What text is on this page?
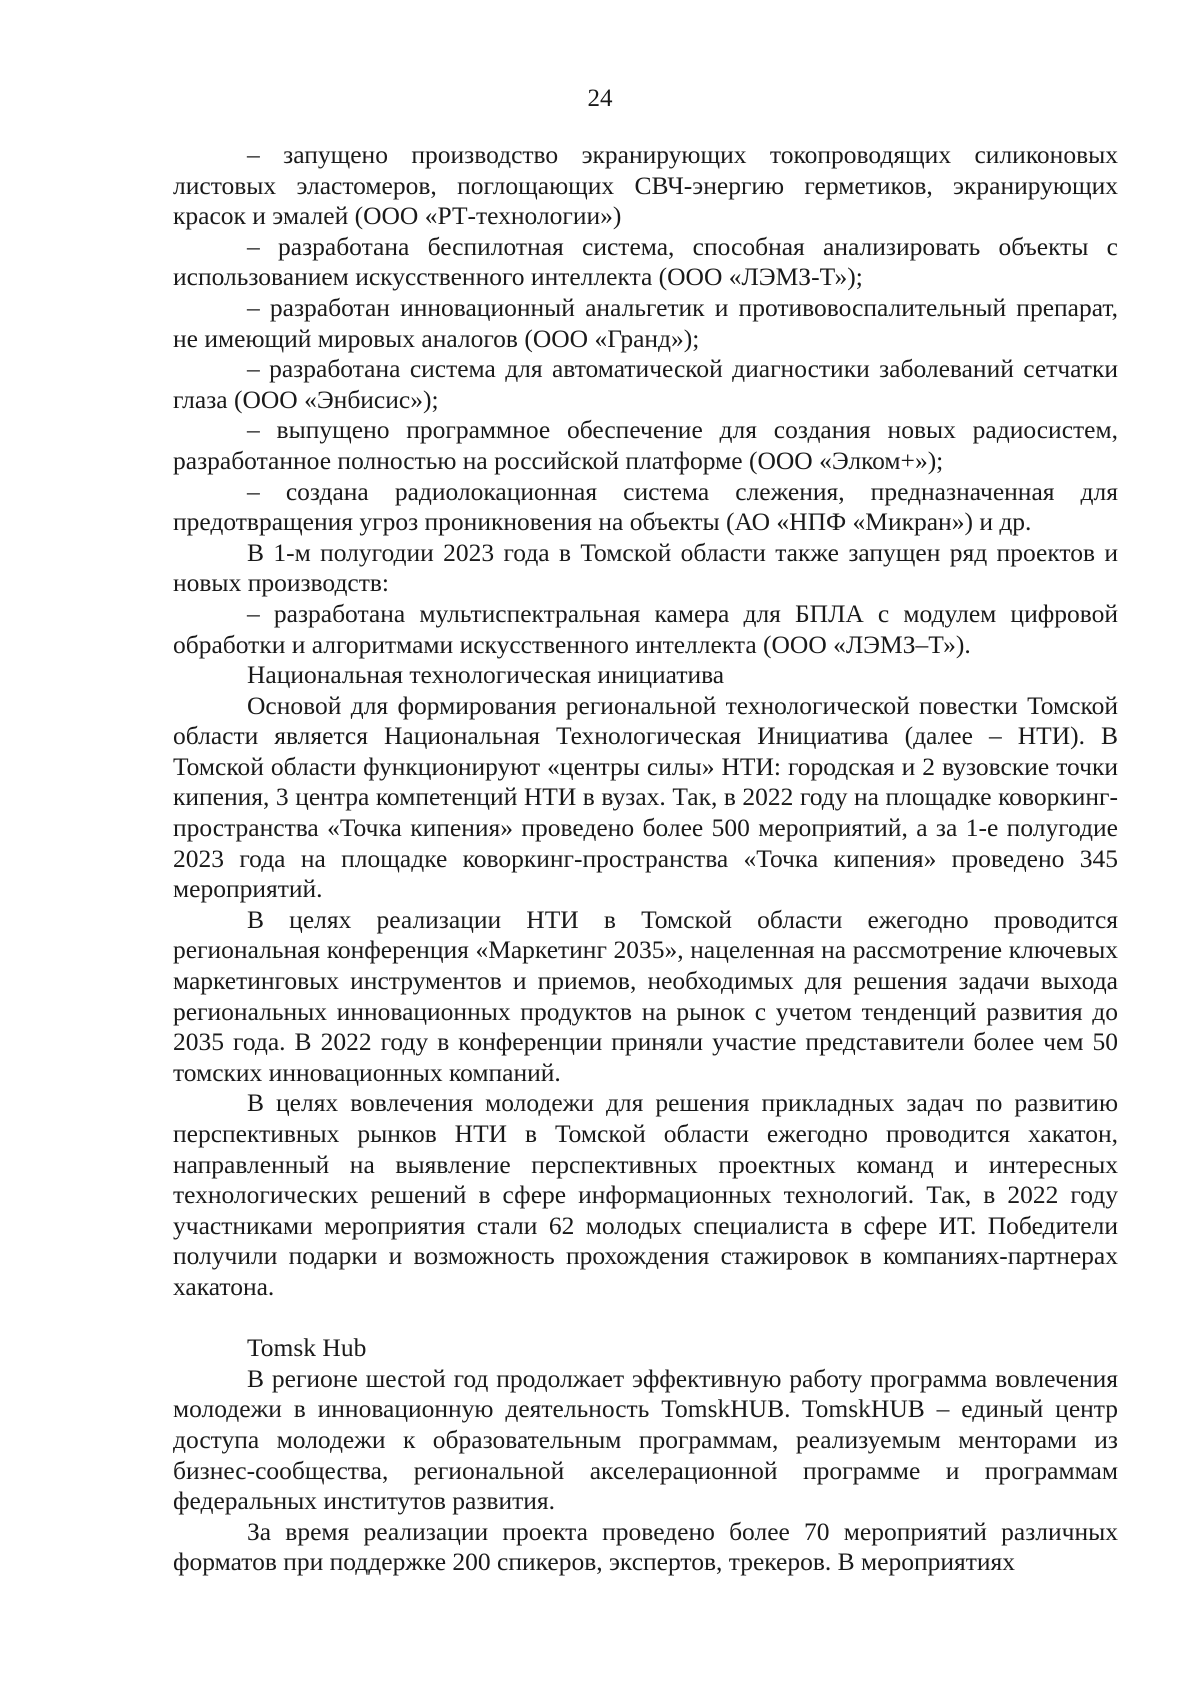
24

– запущено производство экранирующих токопроводящих силиконовых листовых эластомеров, поглощающих СВЧ-энергию герметиков, экранирующих красок и эмалей (ООО «РТ-технологии»)

– разработана беспилотная система, способная анализировать объекты с использованием искусственного интеллекта (ООО «ЛЭМЗ-Т»);

– разработан инновационный анальгетик и противовоспалительный препарат, не имеющий мировых аналогов (ООО «Гранд»);

– разработана система для автоматической диагностики заболеваний сетчатки глаза (ООО «Энбисис»);

– выпущено программное обеспечение для создания новых радиосистем, разработанное полностью на российской платформе (ООО «Элком+»);

– создана радиолокационная система слежения, предназначенная для предотвращения угроз проникновения на объекты (АО «НПФ «Микран») и др.

В 1-м полугодии 2023 года в Томской области также запущен ряд проектов и новых производств:

– разработана мультиспектральная камера для БПЛА с модулем цифровой обработки и алгоритмами искусственного интеллекта (ООО «ЛЭМЗ–Т»).

Национальная технологическая инициатива

Основой для формирования региональной технологической повестки Томской области является Национальная Технологическая Инициатива (далее – НТИ). В Томской области функционируют «центры силы» НТИ: городская и 2 вузовские точки кипения, 3 центра компетенций НТИ в вузах. Так, в 2022 году на площадке коворкинг-пространства «Точка кипения» проведено более 500 мероприятий, а за 1-е полугодие 2023 года на площадке коворкинг-пространства «Точка кипения» проведено 345 мероприятий.

В целях реализации НТИ в Томской области ежегодно проводится региональная конференция «Маркетинг 2035», нацеленная на рассмотрение ключевых маркетинговых инструментов и приемов, необходимых для решения задачи выхода региональных инновационных продуктов на рынок с учетом тенденций развития до 2035 года. В 2022 году в конференции приняли участие представители более чем 50 томских инновационных компаний.

В целях вовлечения молодежи для решения прикладных задач по развитию перспективных рынков НТИ в Томской области ежегодно проводится хакатон, направленный на выявление перспективных проектных команд и интересных технологических решений в сфере информационных технологий. Так, в 2022 году участниками мероприятия стали 62 молодых специалиста в сфере ИТ. Победители получили подарки и возможность прохождения стажировок в компаниях-партнерах хакатона.

Tomsk Hub

В регионе шестой год продолжает эффективную работу программа вовлечения молодежи в инновационную деятельность TomskHUB. TomskHUB – единый центр доступа молодежи к образовательным программам, реализуемым менторами из бизнес-сообщества, региональной акселерационной программе и программам федеральных институтов развития.

За время реализации проекта проведено более 70 мероприятий различных форматов при поддержке 200 спикеров, экспертов, трекеров. В мероприятиях
